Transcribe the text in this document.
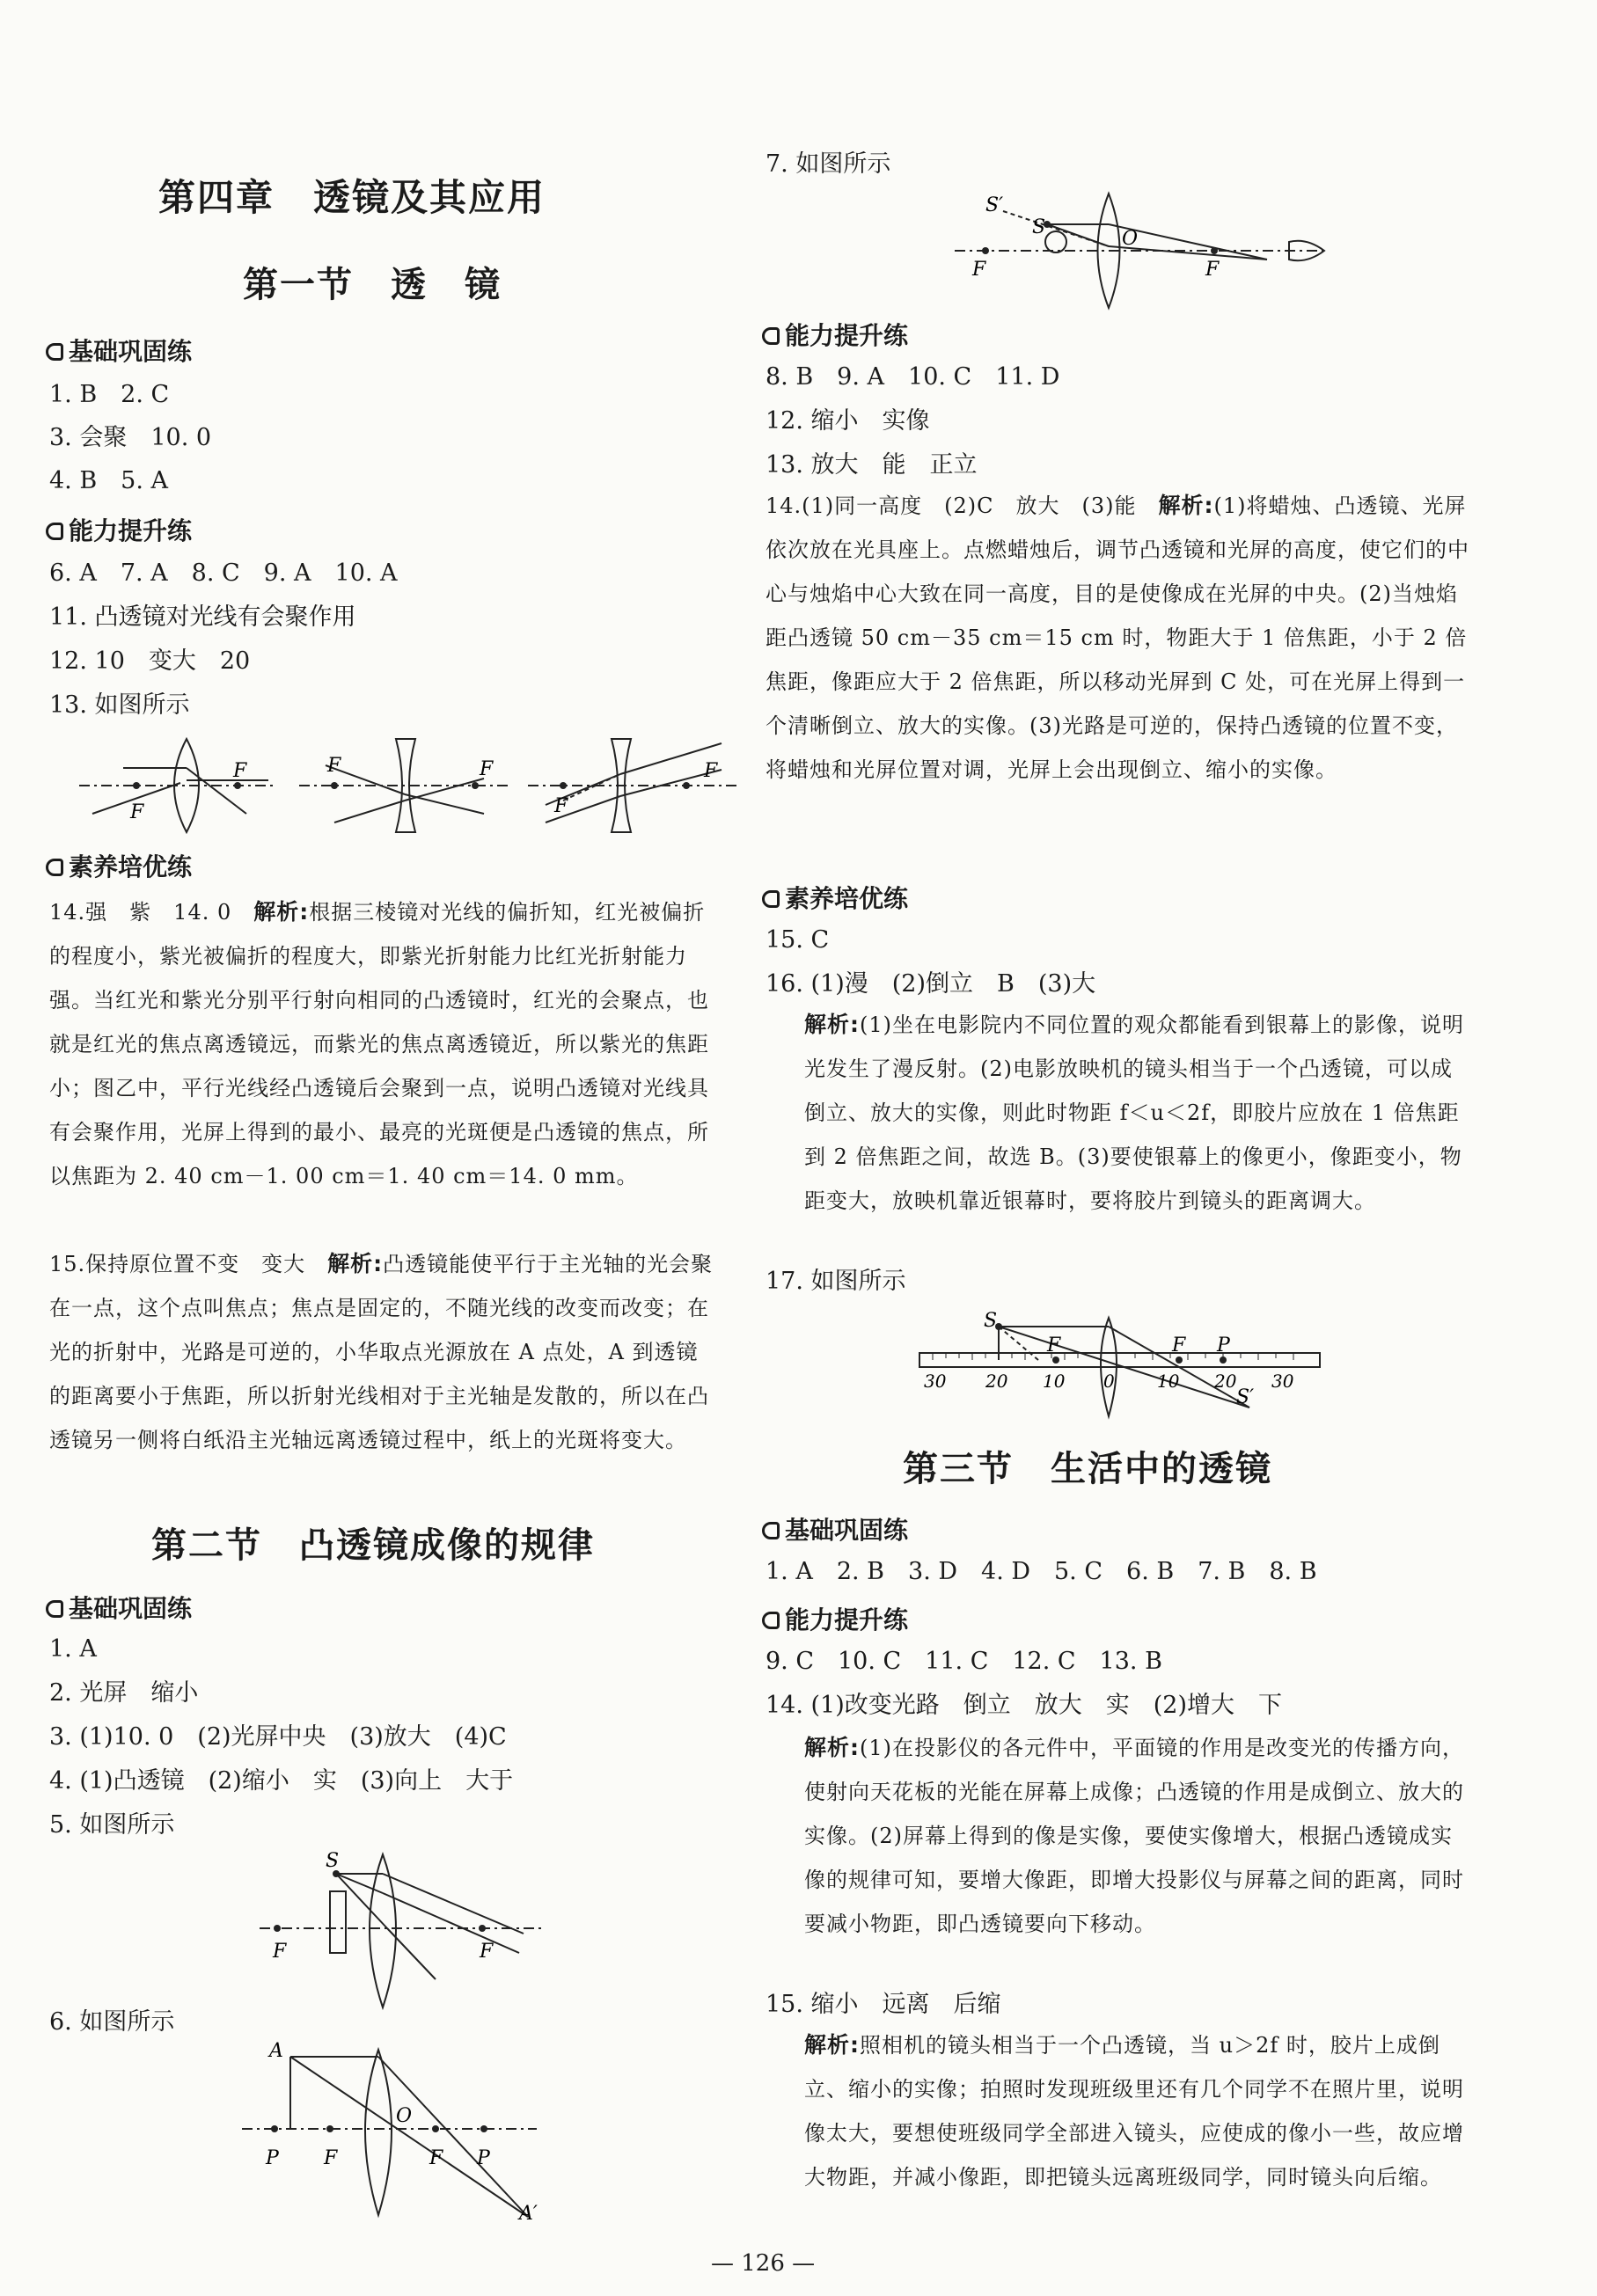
第四章　透镜及其应用
第一节　透　镜
基础巩固练
1. B　2. C
3. 会聚　10. 0
4. B　5. A
能力提升练
6. A　7. A　8. C　9. A　10. A
11. 凸透镜对光线有会聚作用
12. 10　变大　20
13. 如图所示
F
F	F	F
F
F
素养培优练
14.强　紫　14. 0　解析:根据三棱镜对光线的偏折知，红光被偏折的程度小，紫光被偏折的程度大，即紫光折射能力比红光折射能力强。当红光和紫光分别平行射向相同的凸透镜时，红光的会聚点，也就是红光的焦点离透镜远，而紫光的焦点离透镜近，所以紫光的焦距小；图乙中，平行光线经凸透镜后会聚到一点，说明凸透镜对光线具有会聚作用，光屏上得到的最小、最亮的光斑便是凸透镜的焦点，所以焦距为 2. 40 cm－1. 00 cm＝1. 40 cm＝14. 0 mm。
15.保持原位置不变　变大　解析:凸透镜能使平行于主光轴的光会聚在一点，这个点叫焦点；焦点是固定的，不随光线的改变而改变；在光的折射中，光路是可逆的，小华取点光源放在 A 点处，A 到透镜的距离要小于焦距，所以折射光线相对于主光轴是发散的，所以在凸透镜另一侧将白纸沿主光轴远离透镜过程中，纸上的光斑将变大。
第二节　凸透镜成像的规律
基础巩固练
1. A
2. 光屏　缩小
3. (1)10. 0　(2)光屏中央　(3)放大　(4)C
4. (1)凸透镜　(2)缩小　实　(3)向上　大于
5. 如图所示
S
F	F
6. 如图所示
A
O
P F	F P
A′
7. 如图所示
S′
S
O
F	F
能力提升练
8. B　9. A　10. C　11. D
12. 缩小　实像
13. 放大　能　正立
14.(1)同一高度　(2)C　放大　(3)能　解析:(1)将蜡烛、凸透镜、光屏依次放在光具座上。点燃蜡烛后，调节凸透镜和光屏的高度，使它们的中心与烛焰中心大致在同一高度，目的是使像成在光屏的中央。(2)当烛焰距凸透镜 50 cm－35 cm＝15 cm 时，物距大于 1 倍焦距，小于 2 倍焦距，像距应大于 2 倍焦距，所以移动光屏到 C 处，可在光屏上得到一个清晰倒立、放大的实像。(3)光路是可逆的，保持凸透镜的位置不变，将蜡烛和光屏位置对调，光屏上会出现倒立、缩小的实像。
素养培优练
15. C
16. (1)漫　(2)倒立　B　(3)大
解析:(1)坐在电影院内不同位置的观众都能看到银幕上的影像，说明光发生了漫反射。(2)电影放映机的镜头相当于一个凸透镜，可以成倒立、放大的实像，则此时物距 f＜u＜2f，即胶片应放在 1 倍焦距到 2 倍焦距之间，故选 B。(3)要使银幕上的像更小，像距变小，物距变大，放映机靠近银幕时，要将胶片到镜头的距离调大。
17. 如图所示
S
F	F P
S′
30 20 10 0 10 20 30
第三节　生活中的透镜
基础巩固练
1. A　2. B　3. D　4. D　5. C　6. B　7. B　8. B
能力提升练
9. C　10. C　11. C　12. C　13. B
14. (1)改变光路　倒立　放大　实　(2)增大　下
解析:(1)在投影仪的各元件中，平面镜的作用是改变光的传播方向，使射向天花板的光能在屏幕上成像；凸透镜的作用是成倒立、放大的实像。(2)屏幕上得到的像是实像，要使实像增大，根据凸透镜成实像的规律可知，要增大像距，即增大投影仪与屏幕之间的距离，同时要减小物距，即凸透镜要向下移动。
15. 缩小　远离　后缩
解析:照相机的镜头相当于一个凸透镜，当 u＞2f 时，胶片上成倒立、缩小的实像；拍照时发现班级里还有几个同学不在照片里，说明像太大，要想使班级同学全部进入镜头，应使成的像小一些，故应增大物距，并减小像距，即把镜头远离班级同学，同时镜头向后缩。
— 126 —
